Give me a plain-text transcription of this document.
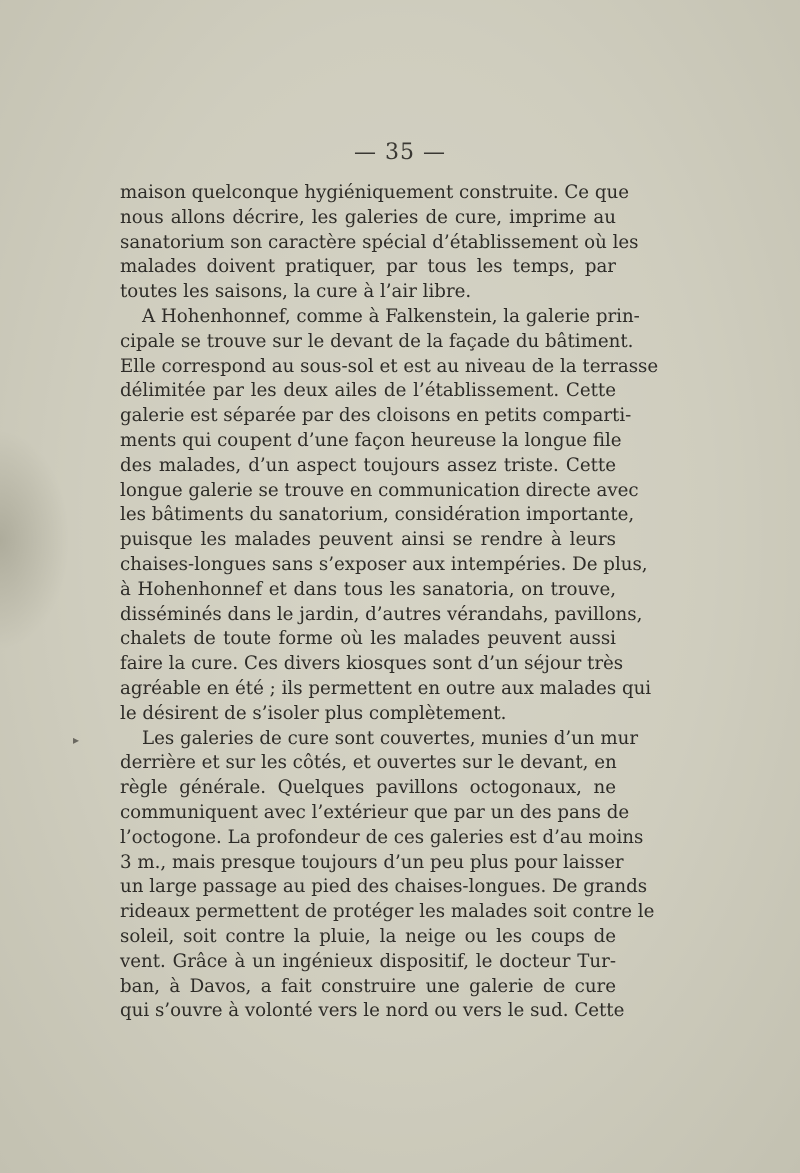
— 35 —
▸
maison quelconque hygiéniquement construite. Ce que
nous allons décrire, les galeries de cure, imprime au
sanatorium son caractère spécial d’établissement où les
malades doivent pratiquer, par tous les temps, par
toutes les saisons, la cure à l’air libre.
A Hohenhonnef, comme à Falkenstein, la galerie prin-
cipale se trouve sur le devant de la façade du bâtiment.
Elle correspond au sous-sol et est au niveau de la terrasse
délimitée par les deux ailes de l’établissement. Cette
galerie est séparée par des cloisons en petits comparti-
ments qui coupent d’une façon heureuse la longue file
des malades, d’un aspect toujours assez triste. Cette
longue galerie se trouve en communication directe avec
les bâtiments du sanatorium, considération importante,
puisque les malades peuvent ainsi se rendre à leurs
chaises-longues sans s’exposer aux intempéries. De plus,
à Hohenhonnef et dans tous les sanatoria, on trouve,
disséminés dans le jardin, d’autres vérandahs, pavillons,
chalets de toute forme où les malades peuvent aussi
faire la cure. Ces divers kiosques sont d’un séjour très
agréable en été ; ils permettent en outre aux malades qui
le désirent de s’isoler plus complètement.
Les galeries de cure sont couvertes, munies d’un mur
derrière et sur les côtés, et ouvertes sur le devant, en
règle générale. Quelques pavillons octogonaux, ne
communiquent avec l’extérieur que par un des pans de
l’octogone. La profondeur de ces galeries est d’au moins
3 m., mais presque toujours d’un peu plus pour laisser
un large passage au pied des chaises-longues. De grands
rideaux permettent de protéger les malades soit contre le
soleil, soit contre la pluie, la neige ou les coups de
vent. Grâce à un ingénieux dispositif, le docteur Tur-
ban, à Davos, a fait construire une galerie de cure
qui s’ouvre à volonté vers le nord ou vers le sud. Cette
